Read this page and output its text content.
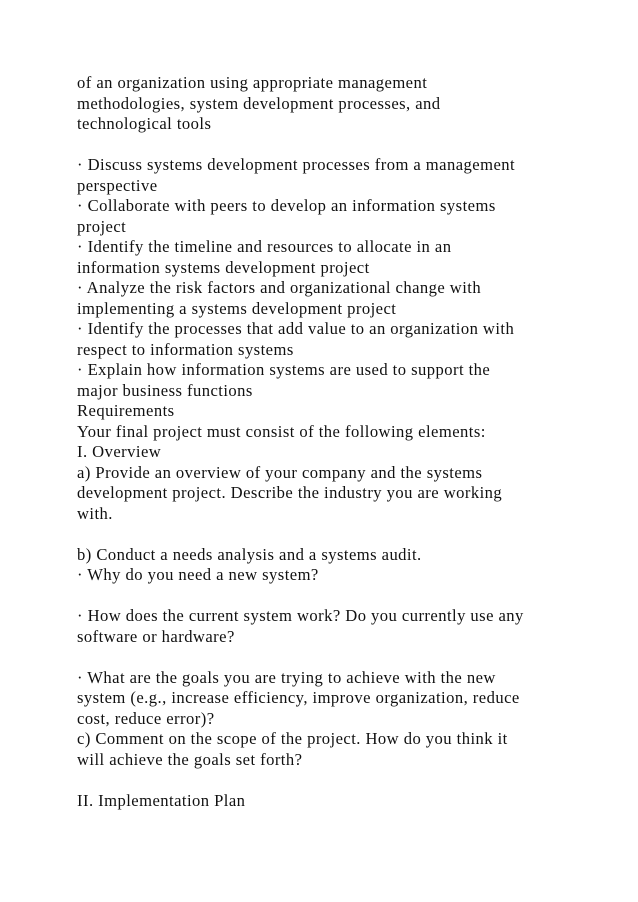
of an organization using appropriate management
methodologies, system development processes, and
technological tools
· Discuss systems development processes from a management
perspective
· Collaborate with peers to develop an information systems
project
· Identify the timeline and resources to allocate in an
information systems development project
· Analyze the risk factors and organizational change with
implementing a systems development project
· Identify the processes that add value to an organization with
respect to information systems
· Explain how information systems are used to support the
major business functions
Requirements
Your final project must consist of the following elements:
I. Overview
a) Provide an overview of your company and the systems
development project. Describe the industry you are working
with.
b) Conduct a needs analysis and a systems audit.
· Why do you need a new system?
· How does the current system work? Do you currently use any
software or hardware?
· What are the goals you are trying to achieve with the new
system (e.g., increase efficiency, improve organization, reduce
cost, reduce error)?
c) Comment on the scope of the project. How do you think it
will achieve the goals set forth?
II. Implementation Plan
